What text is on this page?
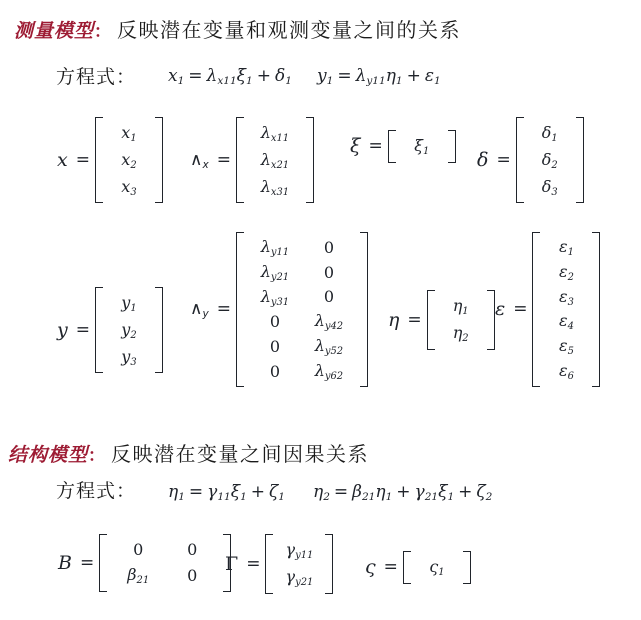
测量模型 ： 反映潜在变量和观测变量之间的关系
方程式： $x_1 = \lambda_{x11}$ $\xi_1 + \delta_1$ $y_1 = \lambda_{y11}$ $\eta_1 + \varepsilon_1$
x =
$x_1$
$x_2$
$x_3$
$\wedge_x$ =
$\lambda_{x11}$
$\lambda_{x21}$
$\lambda_{x31}$
ξ =	$\xi_1$	δ =
$\delta_1$
$\delta_2$
$\delta_3$
y =
$y_1$
$y_2$
$y_3$
$\wedge_y$ =
$\lambda_{y11}$	0
$\lambda_{y21}$	0
$\lambda_{y31}$	0
0	$\lambda_{y42}$
0	$\lambda_{y52}$
0	$\lambda_{y62}$
η =
$\eta_1$
$\eta_2$
ε =
$\varepsilon_1$
$\varepsilon_2$
$\varepsilon_3$
$\varepsilon_4$
$\varepsilon_5$
$\varepsilon_6$
结构模型 ： 反映潜在变量之间因果关系
方程式： $\eta_1 = \gamma_{11}$ $\xi_1 + \zeta_1$ $\eta_2 = \beta_{21}$ $\eta_1 + \gamma_{21}$ $\xi_1 + \zeta_2$
B =
0	0
$\beta_{21}$	0
Γ =
$\gamma_{y11}$
$\gamma_{y21}$
ς =	$\varsigma_1$
